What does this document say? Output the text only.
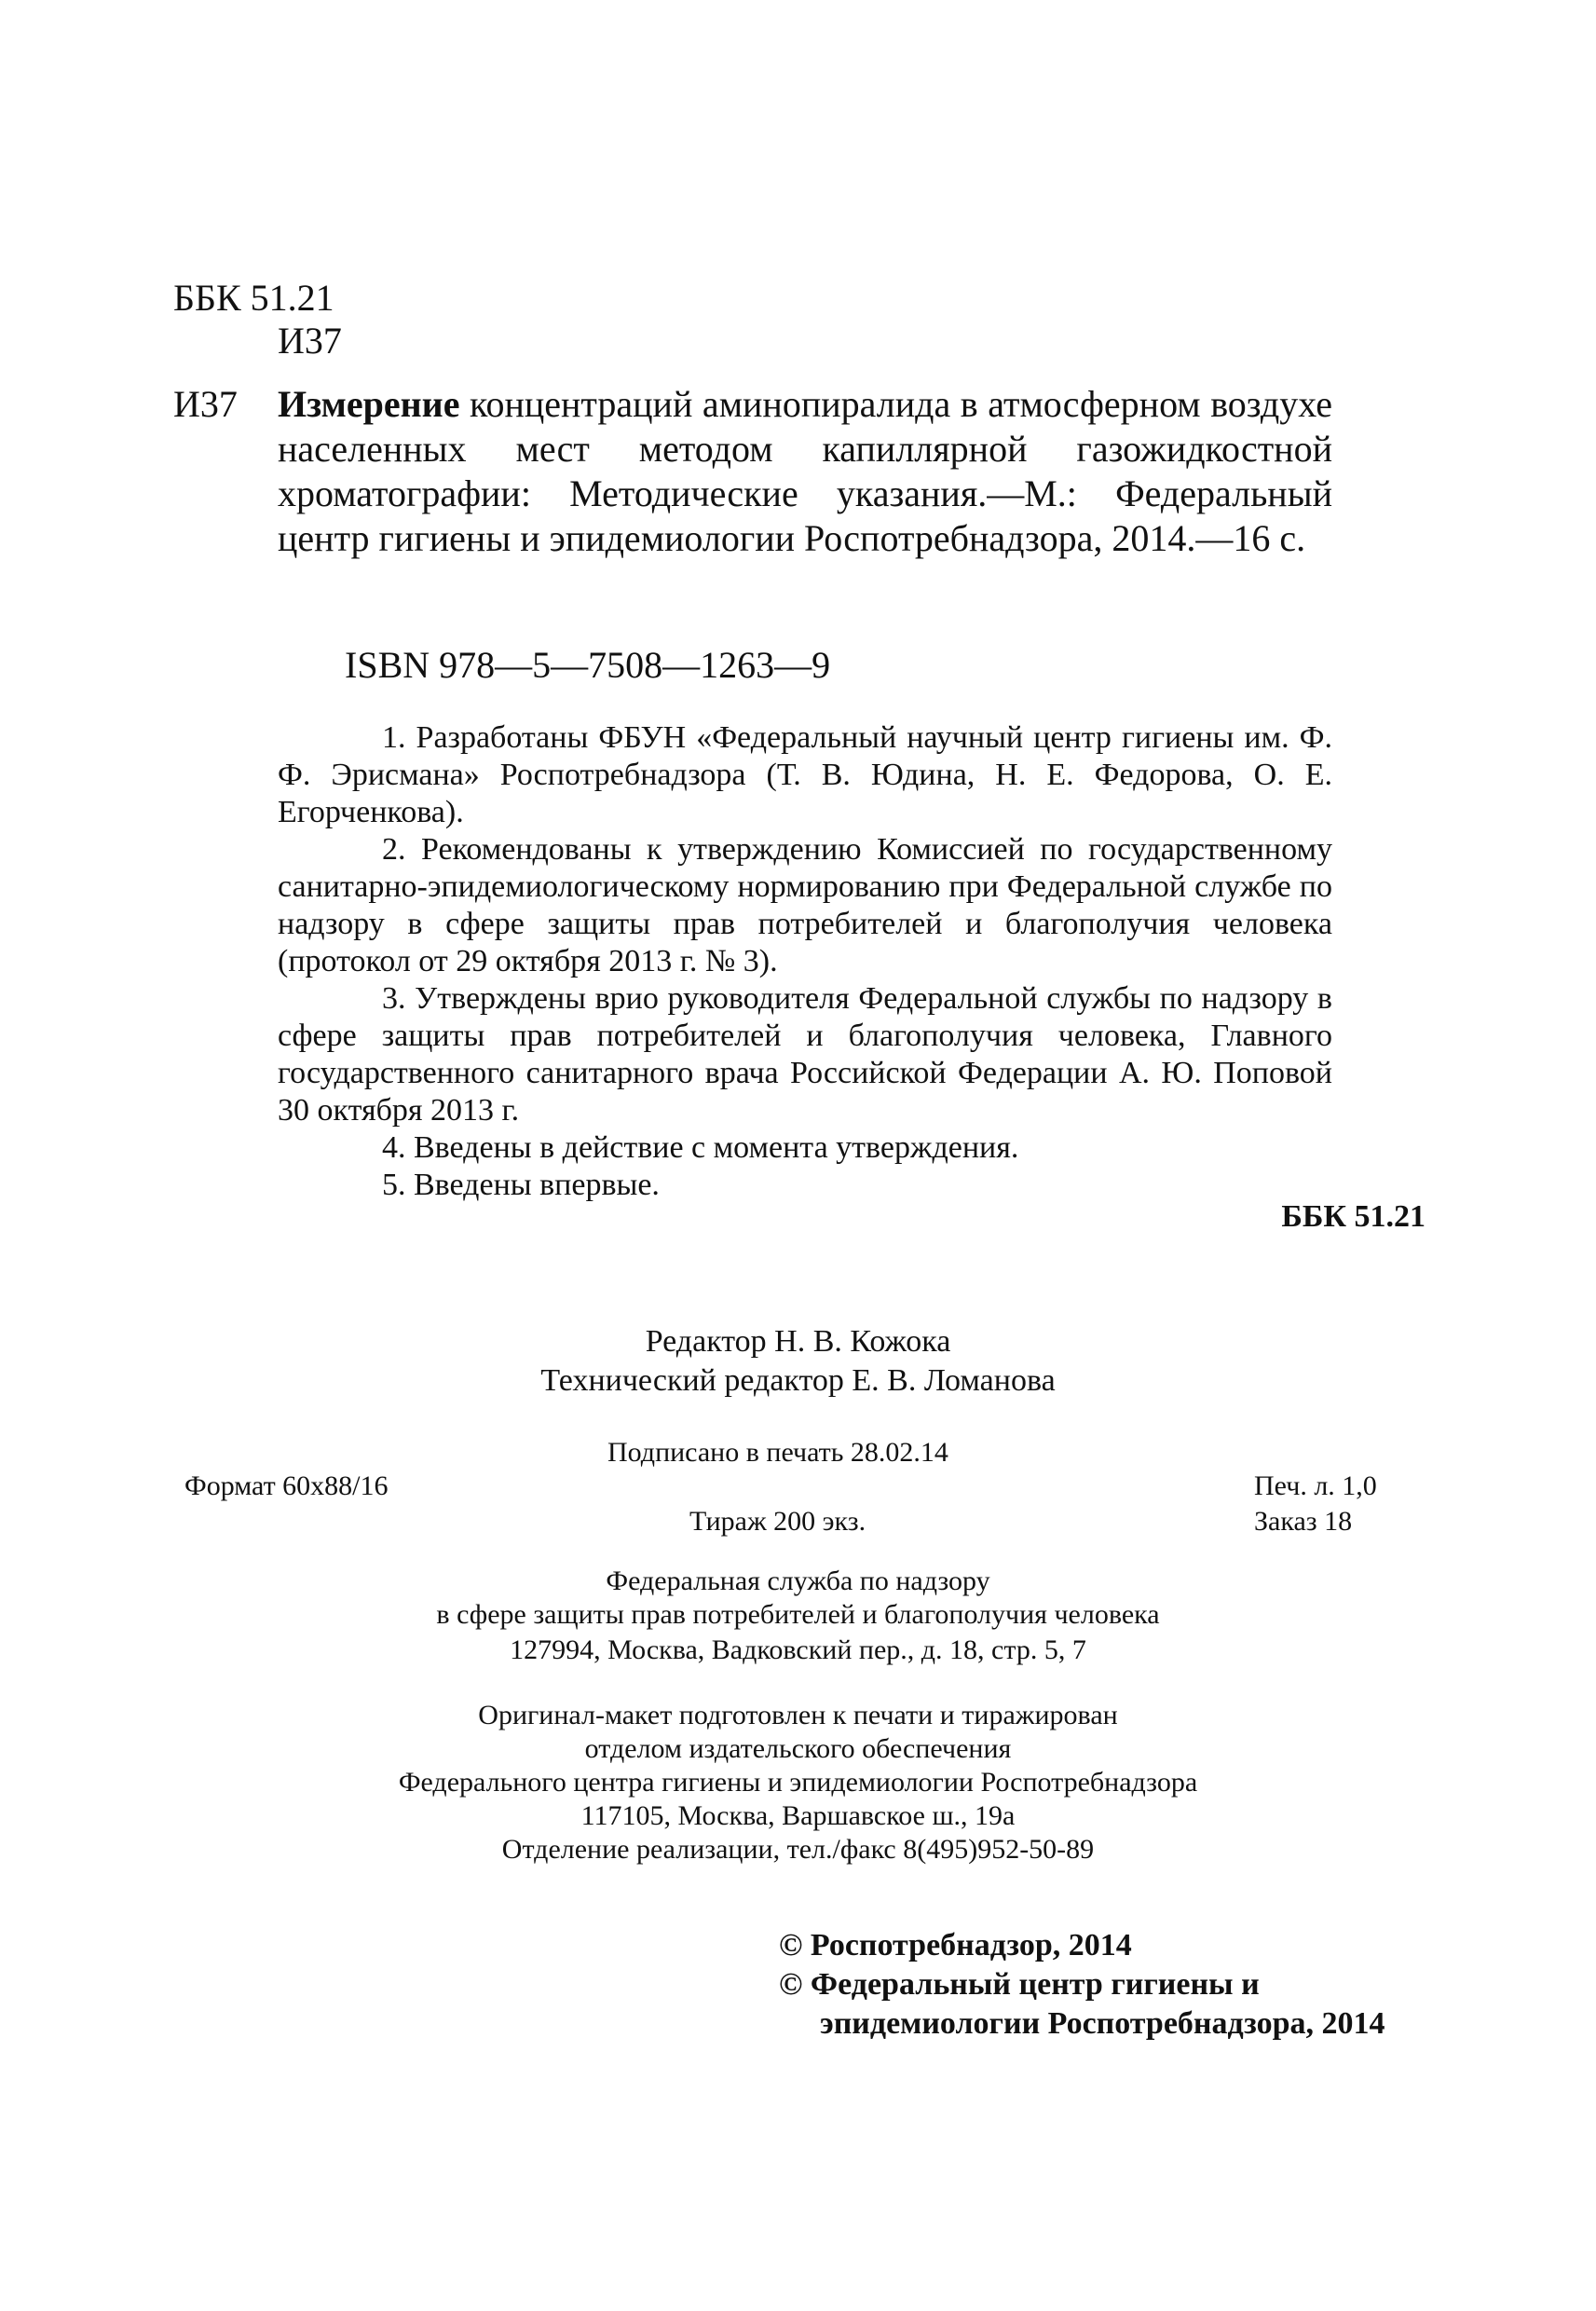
ББК 51.21
И37
И37 Измерение концентраций аминопиралида в атмосферном воздухе населенных мест методом капиллярной газожидкостной хроматографии: Методические указания.—М.: Федеральный центр гигиены и эпидемиологии Роспотребнадзора, 2014.—16 с.

ISBN 978—5—7508—1263—9

1. Разработаны ФБУН «Федеральный научный центр гигиены им. Ф. Ф. Эрисмана» Роспотребнадзора (Т. В. Юдина, Н. Е. Федорова, О. Е. Егорченкова).

2. Рекомендованы к утверждению Комиссией по государственному санитарно-эпидемиологическому нормированию при Федеральной службе по надзору в сфере защиты прав потребителей и благополучия человека (протокол от 29 октября 2013 г. № 3).

3. Утверждены врио руководителя Федеральной службы по надзору в сфере защиты прав потребителей и благополучия человека, Главного государственного санитарного врача Российской Федерации А. Ю. Поповой 30 октября 2013 г.

4. Введены в действие с момента утверждения.

5. Введены впервые.

ББК 51.21
Редактор Н. В. Кожока
Технический редактор Е. В. Ломанова
Подписано в печать 28.02.14
Формат 60x88/16	Печ. л. 1,0
Тираж 200 экз.	Заказ 18
Федеральная служба по надзору
в сфере защиты прав потребителей и благополучия человека
127994, Москва, Вадковский пер., д. 18, стр. 5, 7
Оригинал-макет подготовлен к печати и тиражирован
отделом издательского обеспечения
Федерального центра гигиены и эпидемиологии Роспотребнадзора
117105, Москва, Варшавское ш., 19а
Отделение реализации, тел./факс 8(495)952-50-89
© Роспотребнадзор, 2014
© Федеральный центр гигиены и
эпидемиологии Роспотребнадзора, 2014
